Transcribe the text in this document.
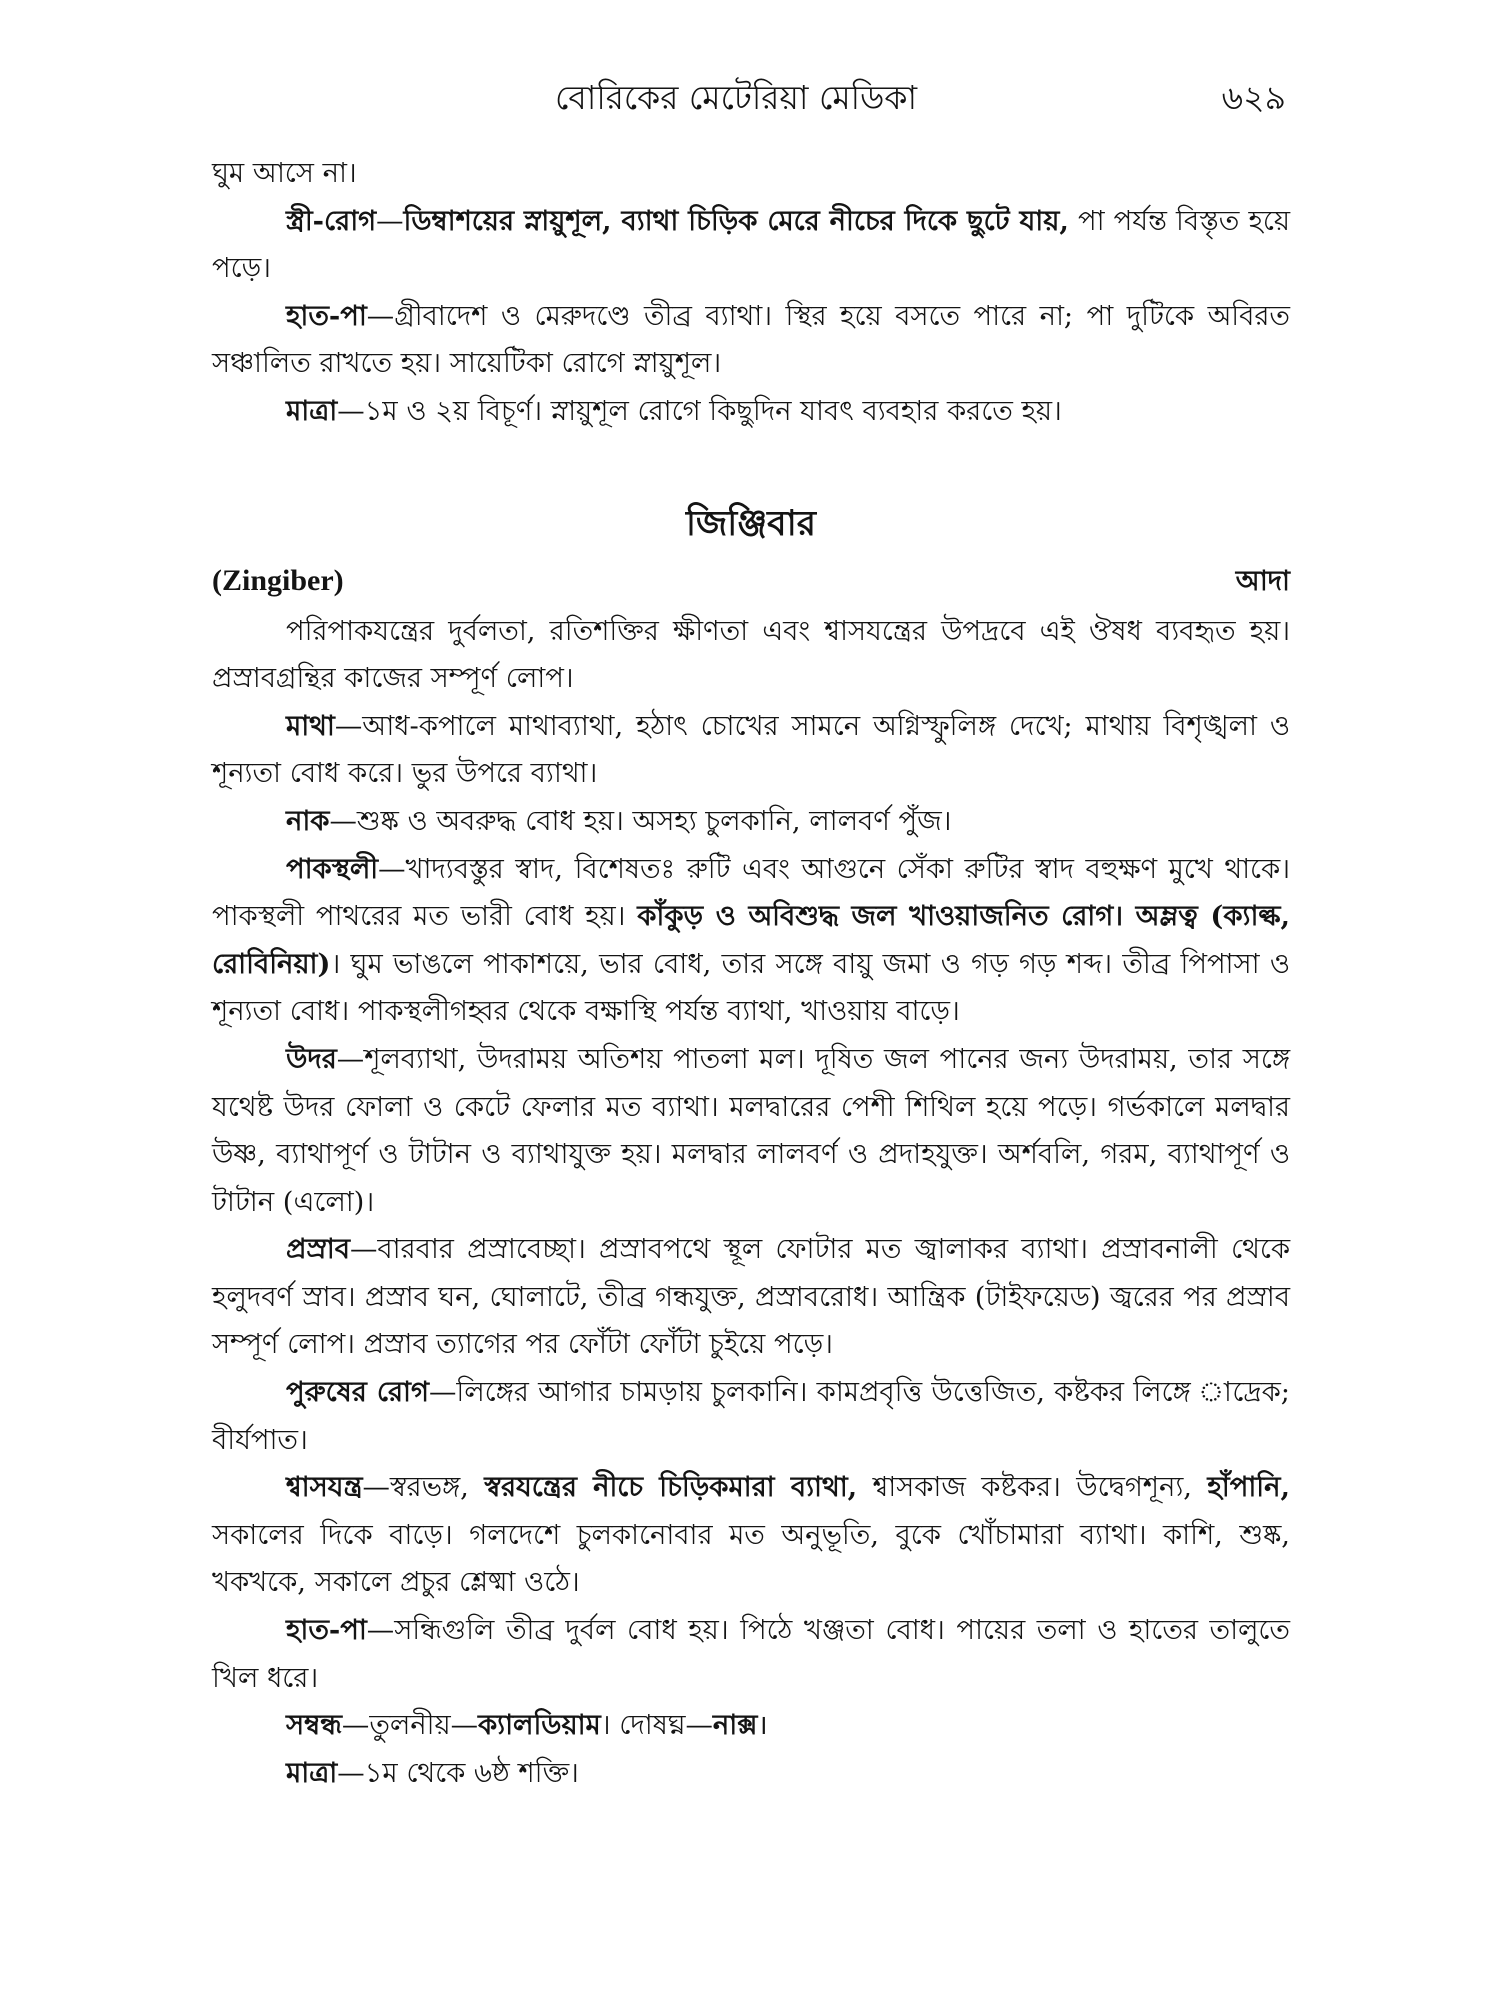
বোরিকের মেটেরিয়া মেডিকা	৬২৯

ঘুম আসে না।

স্ত্রী-রোগ—ডিম্বাশয়ের স্নায়ুশূল, ব্যাথা চিড়িক মেরে নীচের দিকে ছুটে যায়, পা পর্যন্ত বিস্তৃত হয়ে পড়ে।

হাত-পা—গ্রীবাদেশ ও মেরুদণ্ডে তীব্র ব্যাথা। স্থির হয়ে বসতে পারে না; পা দুটিকে অবিরত সঞ্চালিত রাখতে হয়। সায়েটিকা রোগে স্নায়ুশূল।

মাত্রা—১ম ও ২য় বিচূর্ণ। স্নায়ুশূল রোগে কিছুদিন যাবৎ ব্যবহার করতে হয়।

জিঞ্জিবার
(Zingiber)	আদা

পরিপাকযন্ত্রের দুর্বলতা, রতিশক্তির ক্ষীণতা এবং শ্বাসযন্ত্রের উপদ্রবে এই ঔষধ ব্যবহৃত হয়। প্রস্রাবগ্রন্থির কাজের সম্পূর্ণ লোপ।

মাথা—আধ-কপালে মাথাব্যাথা, হঠাৎ চোখের সামনে অগ্নিস্ফুলিঙ্গ দেখে; মাথায় বিশৃঙ্খলা ও শূন্যতা বোধ করে। ভুর উপরে ব্যাথা।

নাক—শুষ্ক ও অবরুদ্ধ বোধ হয়। অসহ্য চুলকানি, লালবর্ণ পুঁজ।

পাকস্থলী—খাদ্যবস্তুর স্বাদ, বিশেষতঃ রুটি এবং আগুনে সেঁকা রুটির স্বাদ বহুক্ষণ মুখে থাকে। পাকস্থলী পাথরের মত ভারী বোধ হয়। কাঁকুড় ও অবিশুদ্ধ জল খাওয়াজনিত রোগ। অম্লত্ব (ক্যাল্ক, রোবিনিয়া)। ঘুম ভাঙলে পাকাশয়ে, ভার বোধ, তার সঙ্গে বায়ু জমা ও গড় গড় শব্দ। তীব্র পিপাসা ও শূন্যতা বোধ। পাকস্থলীগহ্বর থেকে বক্ষাস্থি পর্যন্ত ব্যাথা, খাওয়ায় বাড়ে।

উদর—শূলব্যাথা, উদরাময় অতিশয় পাতলা মল। দূষিত জল পানের জন্য উদরাময়, তার সঙ্গে যথেষ্ট উদর ফোলা ও কেটে ফেলার মত ব্যাথা। মলদ্বারের পেশী শিথিল হয়ে পড়ে। গর্ভকালে মলদ্বার উষ্ণ, ব্যাথাপূর্ণ ও টাটান ও ব্যাথাযুক্ত হয়। মলদ্বার লালবর্ণ ও প্রদাহযুক্ত। অর্শবলি, গরম, ব্যাথাপূর্ণ ও টাটান (এলো)।

প্রস্রাব—বারবার প্রস্রাবেচ্ছা। প্রস্রাবপথে স্থূল ফোটার মত জ্বালাকর ব্যাথা। প্রস্রাবনালী থেকে হলুদবর্ণ স্রাব। প্রস্রাব ঘন, ঘোলাটে, তীব্র গন্ধযুক্ত, প্রস্রাবরোধ। আন্ত্রিক (টাইফয়েড) জ্বরের পর প্রস্রাব সম্পূর্ণ লোপ। প্রস্রাব ত্যাগের পর ফোঁটা ফোঁটা চুইয়ে পড়ে।

পুরুষের রোগ—লিঙ্গের আগার চামড়ায় চুলকানি। কামপ্রবৃত্তি উত্তেজিত, কষ্টকর লিঙ্গে াদ্রেক; বীর্যপাত।

শ্বাসযন্ত্র—স্বরভঙ্গ, স্বরযন্ত্রের নীচে চিড়িকমারা ব্যাথা, শ্বাসকাজ কষ্টকর। উদ্বেগশূন্য, হাঁপানি, সকালের দিকে বাড়ে। গলদেশে চুলকানোবার মত অনুভূতি, বুকে খোঁচামারা ব্যাথা। কাশি, শুষ্ক, খকখকে, সকালে প্রচুর শ্লেষ্মা ওঠে।

হাত-পা—সন্ধিগুলি তীব্র দুর্বল বোধ হয়। পিঠে খঞ্জতা বোধ। পায়ের তলা ও হাতের তালুতে খিল ধরে।

সম্বন্ধ—তুলনীয়—ক্যালডিয়াম। দোষঘ্ন—নাক্স।

মাত্রা—১ম থেকে ৬ষ্ঠ শক্তি।
